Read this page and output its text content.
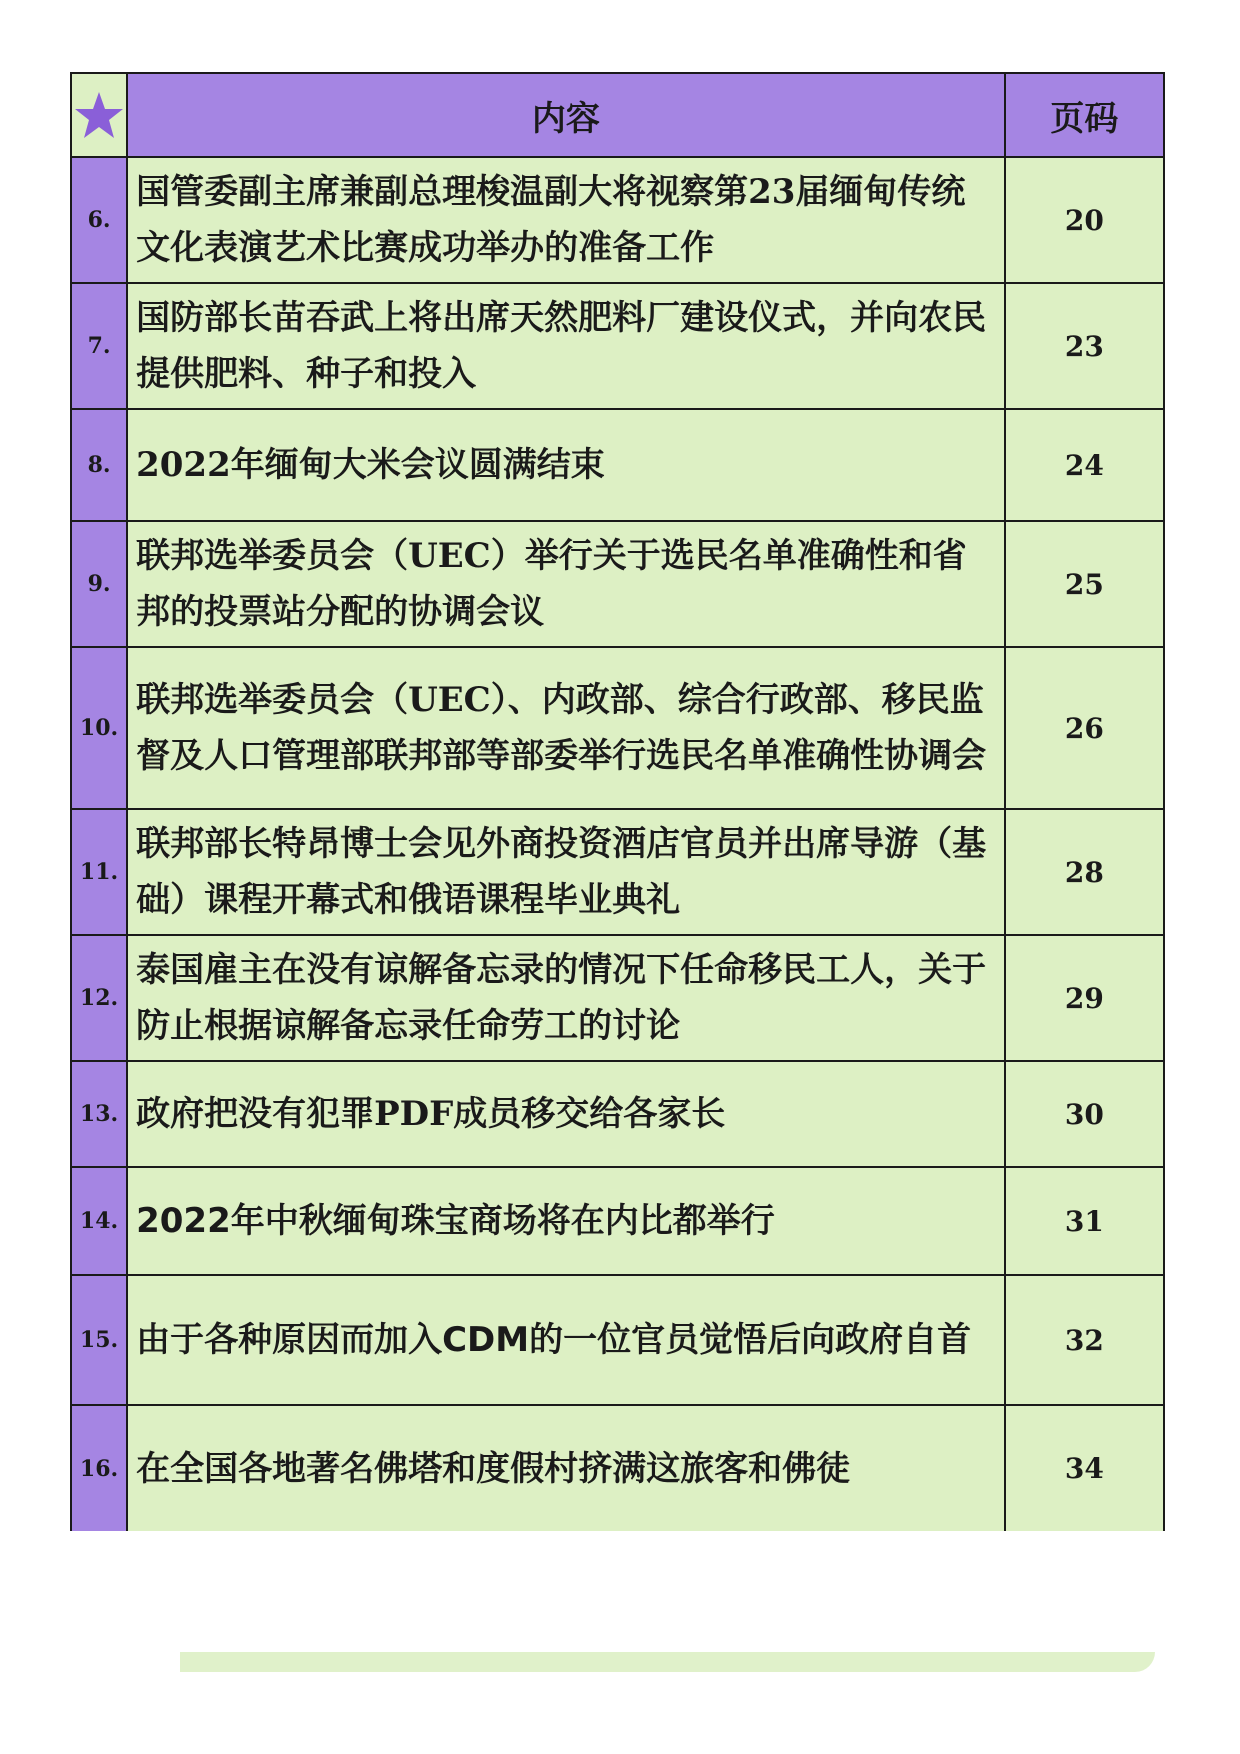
	内容	页码
6.	国管委副主席兼副总理梭温副大将视察第23届缅甸传统文化表演艺术比赛成功举办的准备工作	20
7.	国防部长苗吞武上将出席天然肥料厂建设仪式，并向农民提供肥料、种子和投入	23
8.	2022年缅甸大米会议圆满结束	24
9.	联邦选举委员会（UEC）举行关于选民名单准确性和省邦的投票站分配的协调会议	25
10.	联邦选举委员会（UEC）、内政部、综合行政部、移民监督及人口管理部联邦部等部委举行选民名单准确性协调会	26
11.	联邦部长特昂博士会见外商投资酒店官员并出席导游（基础）课程开幕式和俄语课程毕业典礼	28
12.	泰国雇主在没有谅解备忘录的情况下任命移民工人，关于防止根据谅解备忘录任命劳工的讨论	29
13.	政府把没有犯罪PDF成员移交给各家长	30
14.	2022年中秋缅甸珠宝商场将在内比都举行	31
15.	由于各种原因而加入CDM的一位官员觉悟后向政府自首	32
16.	在全国各地著名佛塔和度假村挤满这旅客和佛徒	34
